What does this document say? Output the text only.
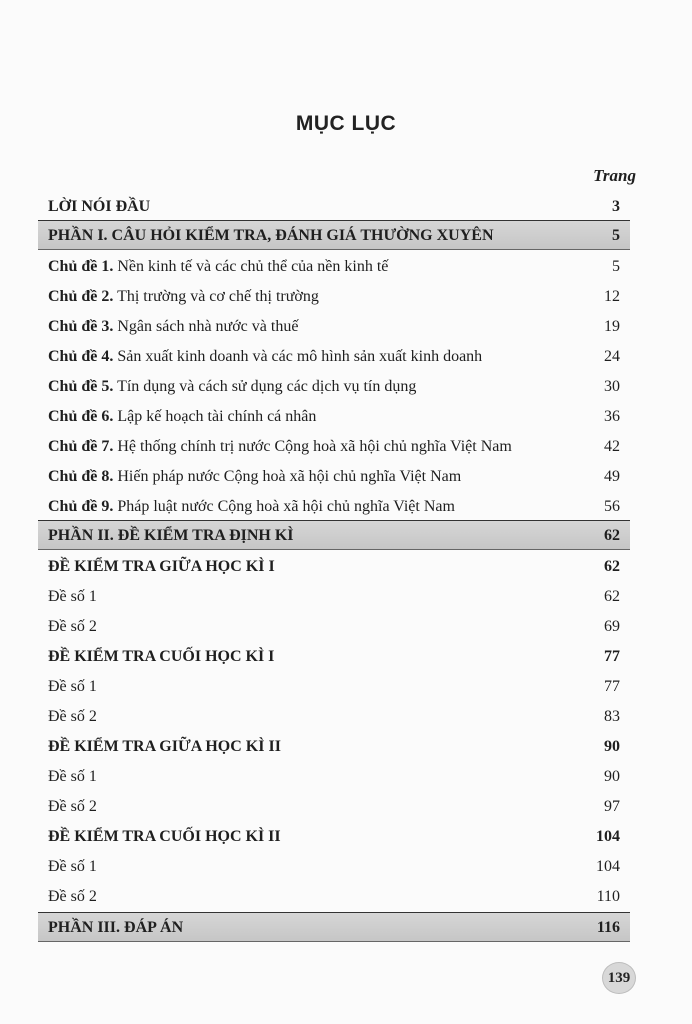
MỤC LỤC
Trang
LỜI NÓI ĐẦU	3
PHẦN I. CÂU HỎI KIỂM TRA, ĐÁNH GIÁ THƯỜNG XUYÊN	5
Chủ đề 1. Nền kinh tế và các chủ thể của nền kinh tế	5
Chủ đề 2. Thị trường và cơ chế thị trường	12
Chủ đề 3. Ngân sách nhà nước và thuế	19
Chủ đề 4. Sản xuất kinh doanh và các mô hình sản xuất kinh doanh	24
Chủ đề 5. Tín dụng và cách sử dụng các dịch vụ tín dụng	30
Chủ đề 6. Lập kế hoạch tài chính cá nhân	36
Chủ đề 7. Hệ thống chính trị nước Cộng hoà xã hội chủ nghĩa Việt Nam	42
Chủ đề 8. Hiến pháp nước Cộng hoà xã hội chủ nghĩa Việt Nam	49
Chủ đề 9. Pháp luật nước Cộng hoà xã hội chủ nghĩa Việt Nam	56
PHẦN II. ĐỀ KIỂM TRA ĐỊNH KÌ	62
ĐỀ KIỂM TRA GIỮA HỌC KÌ I	62
Đề số 1	62
Đề số 2	69
ĐỀ KIỂM TRA CUỐI HỌC KÌ I	77
Đề số 1	77
Đề số 2	83
ĐỀ KIỂM TRA GIỮA HỌC KÌ II	90
Đề số 1	90
Đề số 2	97
ĐỀ KIỂM TRA CUỐI HỌC KÌ II	104
Đề số 1	104
Đề số 2	110
PHẦN III. ĐÁP ÁN	116
139
